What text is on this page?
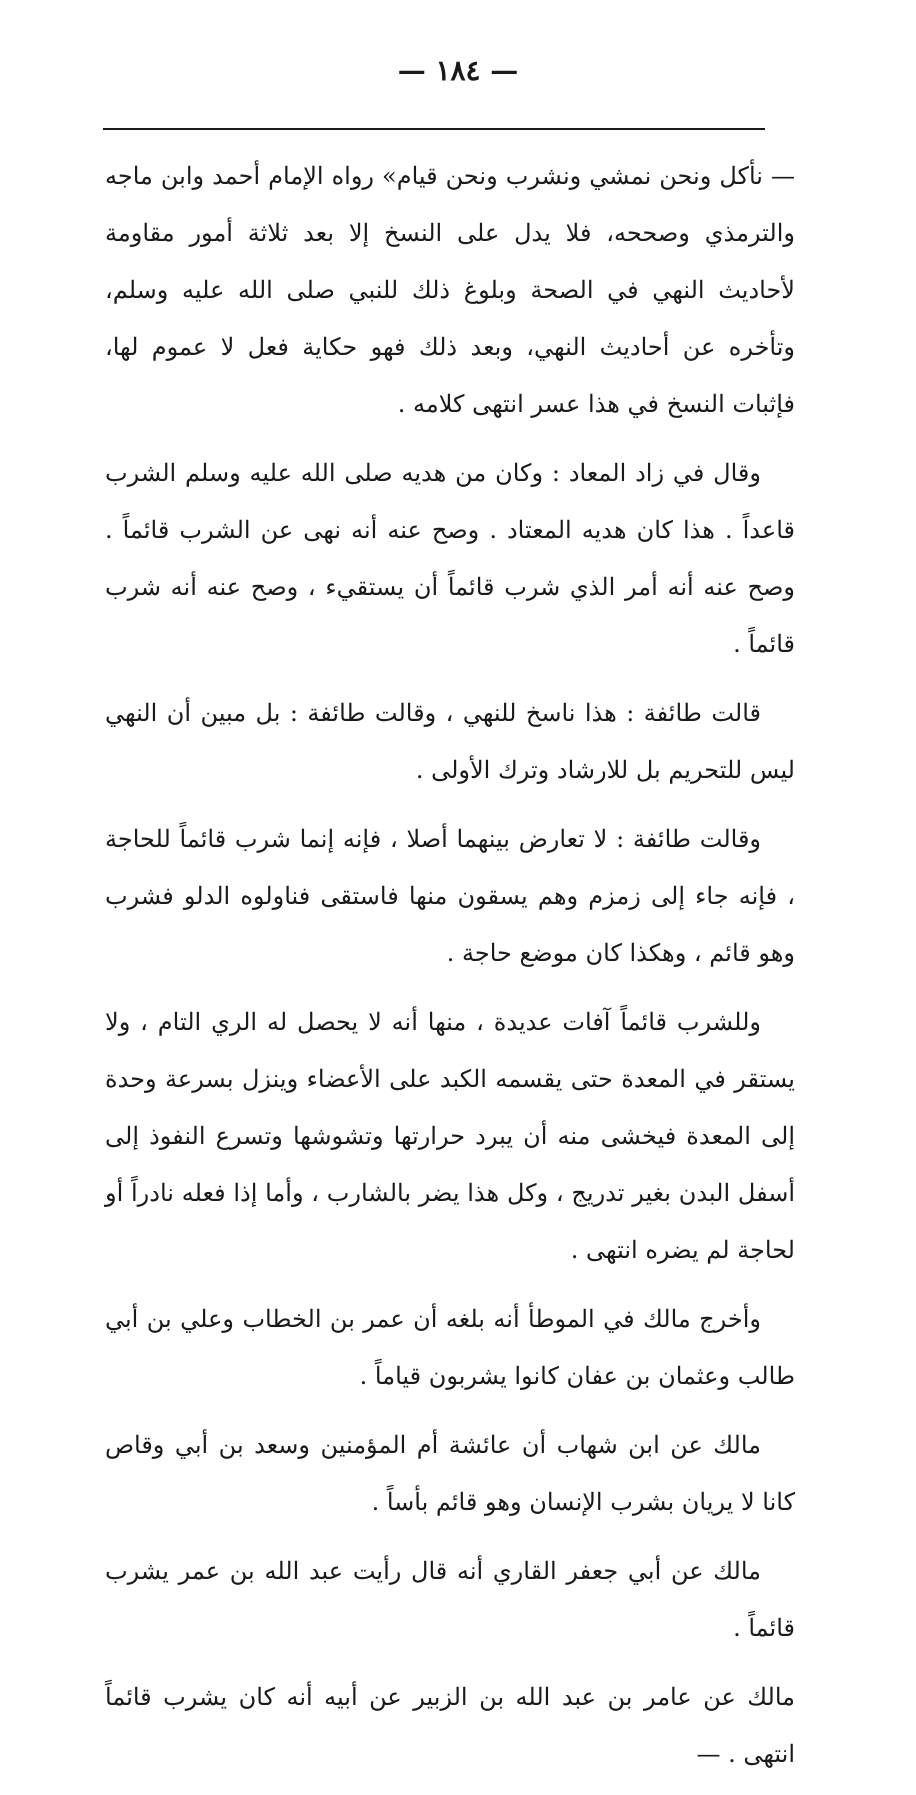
— ١٨٤ —

— نأكل ونحن نمشي ونشرب ونحن قيام» رواه الإمام أحمد وابن ماجه والترمذي وصححه، فلا يدل على النسخ إلا بعد ثلاثة أمور مقاومة لأحاديث النهي في الصحة وبلوغ ذلك للنبي صلى الله عليه وسلم، وتأخره عن أحاديث النهي، وبعد ذلك فهو حكاية فعل لا عموم لها، فإثبات النسخ في هذا عسر انتهى كلامه .

وقال في زاد المعاد : وكان من هديه صلى الله عليه وسلم الشرب قاعداً . هذا كان هديه المعتاد . وصح عنه أنه نهى عن الشرب قائماً . وصح عنه أنه أمر الذي شرب قائماً أن يستقيء ، وصح عنه أنه شرب قائماً .

قالت طائفة : هذا ناسخ للنهي ، وقالت طائفة : بل مبين أن النهي ليس للتحريم بل للارشاد وترك الأولى .

وقالت طائفة : لا تعارض بينهما أصلا ، فإنه إنما شرب قائماً للحاجة ، فإنه جاء إلى زمزم وهم يسقون منها فاستقى فناولوه الدلو فشرب وهو قائم ، وهكذا كان موضع حاجة .

وللشرب قائماً آفات عديدة ، منها أنه لا يحصل له الري التام ، ولا يستقر في المعدة حتى يقسمه الكبد على الأعضاء وينزل بسرعة وحدة إلى المعدة فيخشى منه أن يبرد حرارتها وتشوشها وتسرع النفوذ إلى أسفل البدن بغير تدريج ، وكل هذا يضر بالشارب ، وأما إذا فعله نادراً أو لحاجة لم يضره انتهى .

وأخرج مالك في الموطأ أنه بلغه أن عمر بن الخطاب وعلي بن أبي طالب وعثمان بن عفان كانوا يشربون قياماً .

مالك عن ابن شهاب أن عائشة أم المؤمنين وسعد بن أبي وقاص كانا لا يريان بشرب الإنسان وهو قائم بأساً .

مالك عن أبي جعفر القاري أنه قال رأيت عبد الله بن عمر يشرب قائماً .

مالك عن عامر بن عبد الله بن الزبير عن أبيه أنه كان يشرب قائماً انتهى . —
